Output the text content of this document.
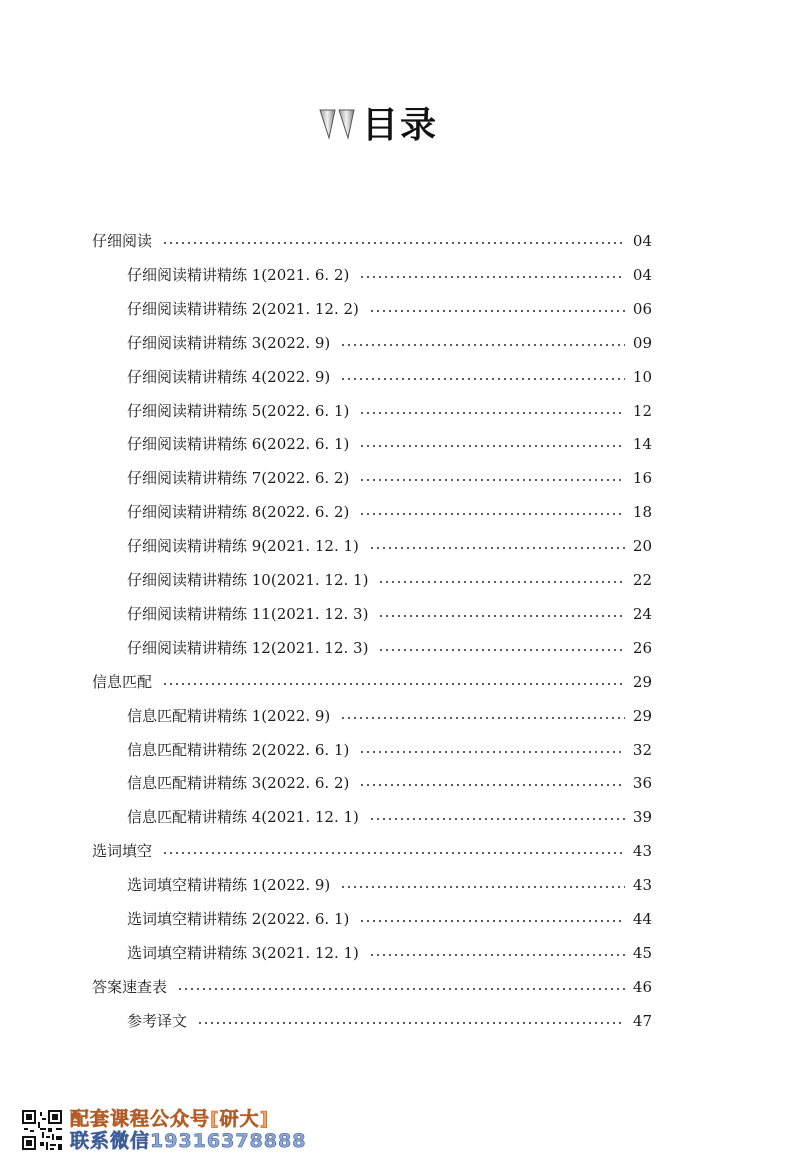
目录
仔细阅读	04
仔细阅读精讲精练 1(2021. 6. 2)	04
仔细阅读精讲精练 2(2021. 12. 2)	06
仔细阅读精讲精练 3(2022. 9)	09
仔细阅读精讲精练 4(2022. 9)	10
仔细阅读精讲精练 5(2022. 6. 1)	12
仔细阅读精讲精练 6(2022. 6. 1)	14
仔细阅读精讲精练 7(2022. 6. 2)	16
仔细阅读精讲精练 8(2022. 6. 2)	18
仔细阅读精讲精练 9(2021. 12. 1)	20
仔细阅读精讲精练 10(2021. 12. 1)	22
仔细阅读精讲精练 11(2021. 12. 3)	24
仔细阅读精讲精练 12(2021. 12. 3)	26
信息匹配	29
信息匹配精讲精练 1(2022. 9)	29
信息匹配精讲精练 2(2022. 6. 1)	32
信息匹配精讲精练 3(2022. 6. 2)	36
信息匹配精讲精练 4(2021. 12. 1)	39
选词填空	43
选词填空精讲精练 1(2022. 9)	43
选词填空精讲精练 2(2022. 6. 1)	44
选词填空精讲精练 3(2021. 12. 1)	45
答案速查表	46
参考译文	47
配套课程公众号[研大]
联系微信19316378888
